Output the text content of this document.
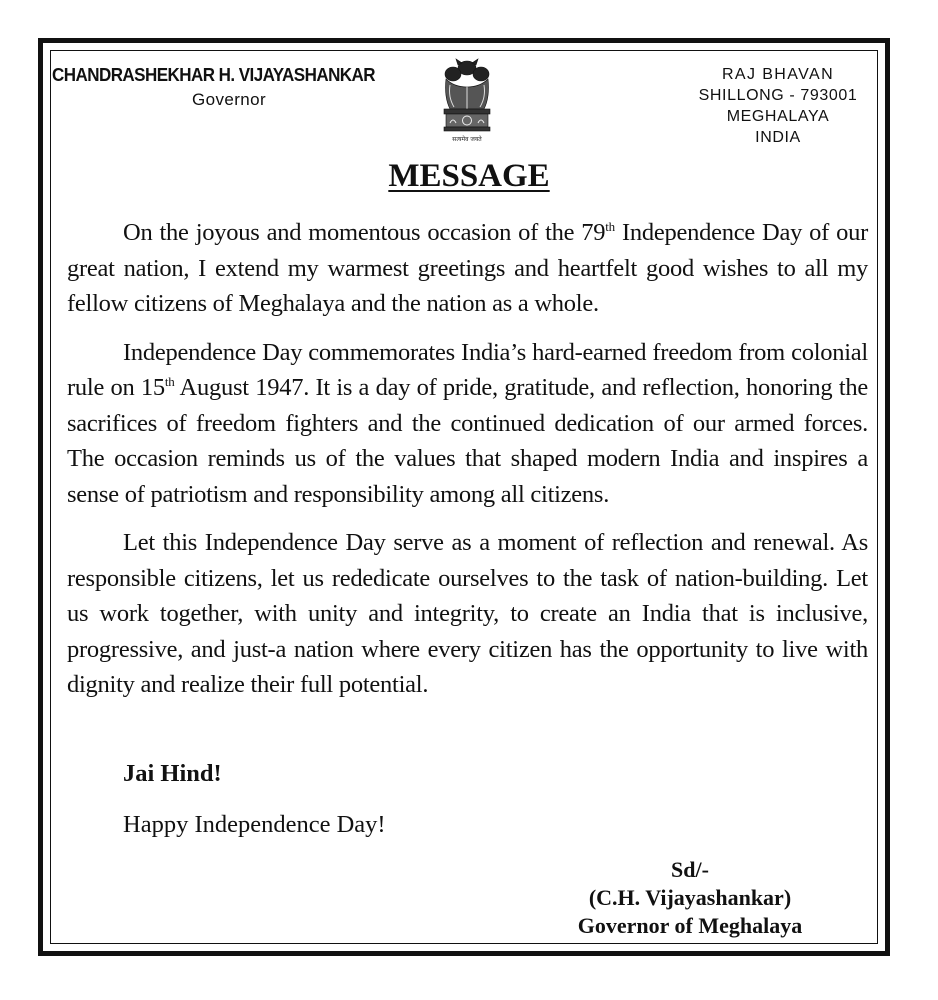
CHANDRASHEKHAR H. VIJAYASHANKAR
Governor
सत्यमेव जयते
RAJ BHAVAN
SHILLONG - 793001
MEGHALAYA
INDIA
MESSAGE

On the joyous and momentous occasion of the 79th Independence Day of our great nation, I extend my warmest greetings and heartfelt good wishes to all my fellow citizens of Meghalaya and the nation as a whole.

Independence Day commemorates India’s hard-earned freedom from colonial rule on 15th August 1947. It is a day of pride, gratitude, and reflection, honoring the sacrifices of freedom fighters and the continued dedication of our armed forces. The occasion reminds us of the values that shaped modern India and inspires a sense of patriotism and responsibility among all citizens.

Let this Independence Day serve as a moment of reflection and renewal. As responsible citizens, let us rededicate ourselves to the task of nation-building. Let us work together, with unity and integrity, to create an India that is inclusive, progressive, and just-a nation where every citizen has the opportunity to live with dignity and realize their full potential.

Jai Hind!
Happy Independence Day!
Sd/-
(C.H. Vijayashankar)
Governor of Meghalaya
